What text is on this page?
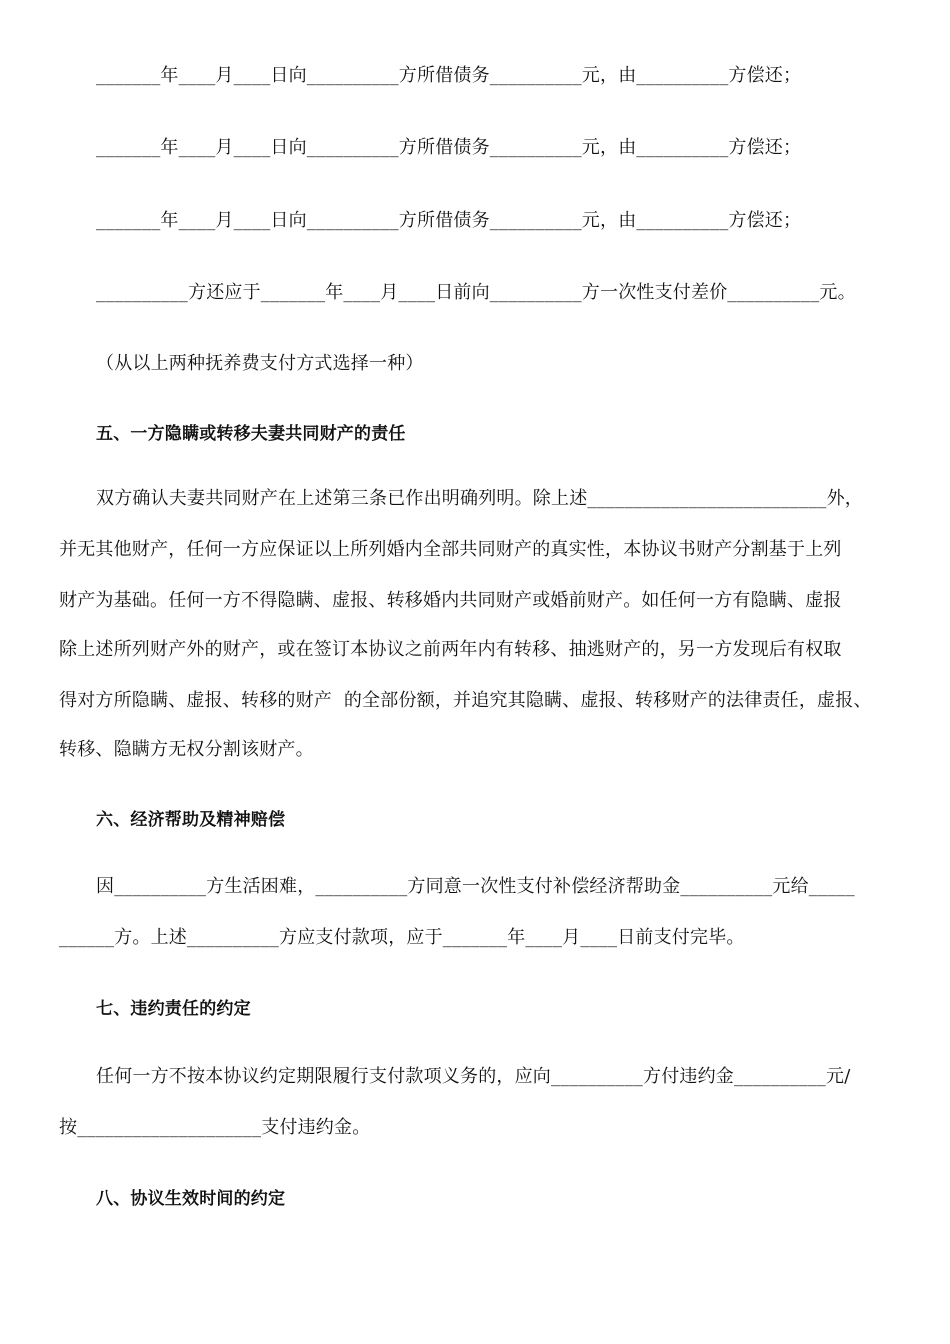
_______年____月____日向__________方所借债务__________元，由__________方偿还；
_______年____月____日向__________方所借债务__________元，由__________方偿还；
_______年____月____日向__________方所借债务__________元，由__________方偿还；
__________方还应于_______年____月____日前向__________方一次性支付差价__________元。
（从以上两种抚养费支付方式选择一种）
五、一方隐瞒或转移夫妻共同财产的责任
双方确认夫妻共同财产在上述第三条已作出明确列明。除上述__________________________外，
并无其他财产，任何一方应保证以上所列婚内全部共同财产的真实性，本协议书财产分割基于上列
财产为基础。任何一方不得隐瞒、虚报、转移婚内共同财产或婚前财产。如任何一方有隐瞒、虚报
除上述所列财产外的财产，或在签订本协议之前两年内有转移、抽逃财产的，另一方发现后有权取
得对方所隐瞒、虚报、转移的财产  的全部份额，并追究其隐瞒、虚报、转移财产的法律责任，虚报、
转移、隐瞒方无权分割该财产。
六、经济帮助及精神赔偿
因__________方生活困难，__________方同意一次性支付补偿经济帮助金__________元给_____
______方。上述__________方应支付款项，应于_______年____月____日前支付完毕。
七、违约责任的约定
任何一方不按本协议约定期限履行支付款项义务的，应向__________方付违约金__________元/
按____________________支付违约金。
八、协议生效时间的约定
